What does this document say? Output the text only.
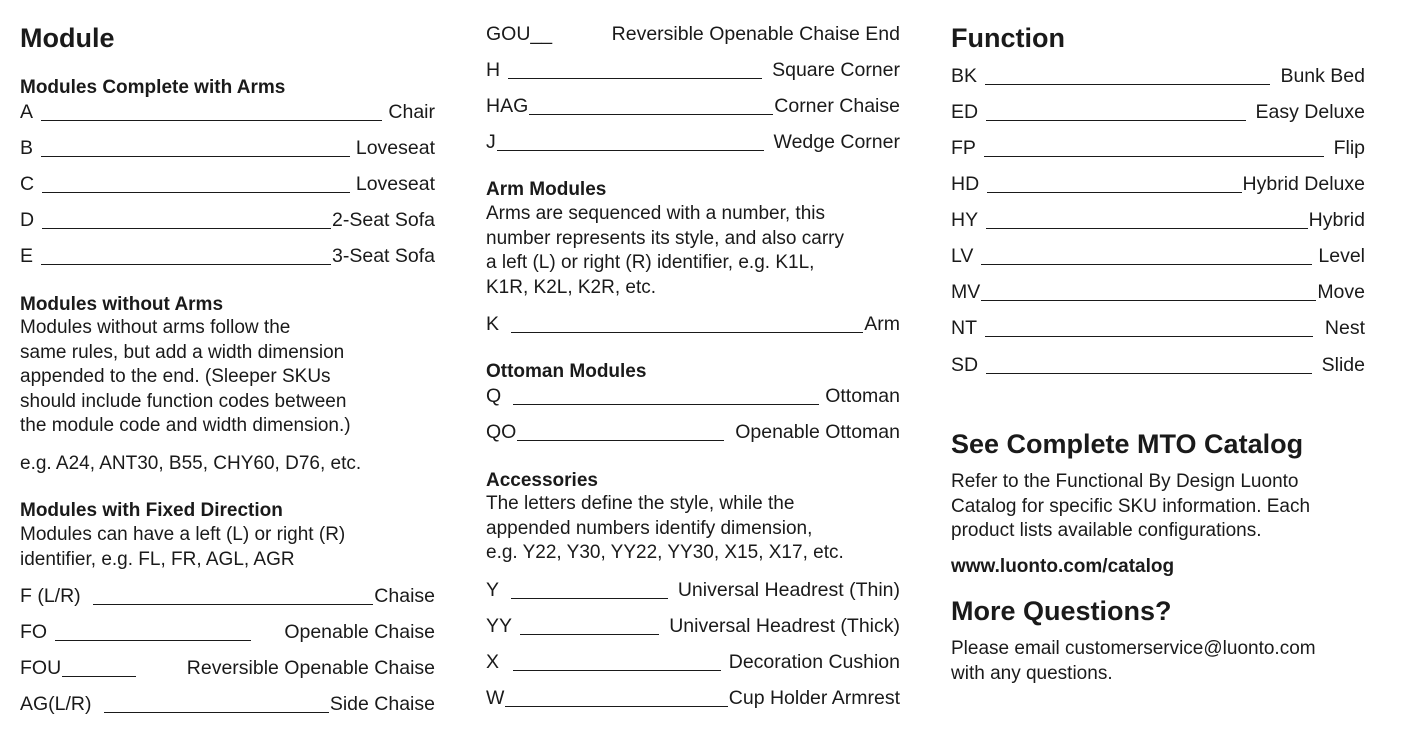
Module
Modules Complete with Arms
A	Chair
B	Loveseat
C	Loveseat
D	2-Seat Sofa
E	3-Seat Sofa
Modules without Arms
Modules without arms follow the
same rules, but add a width dimension
appended to the end. (Sleeper SKUs
should include function codes between
the module code and width dimension.)
e.g. A24, ANT30, B55, CHY60, D76, etc.
Modules with Fixed Direction
Modules can have a left (L) or right (R)
identifier, e.g. FL, FR, AGL, AGR
F (L/R)	Chaise
FO	Openable Chaise
FOU	Reversible Openable Chaise
AG(L/R)	Side Chaise
GOU__	Reversible Openable Chaise End
H	Square Corner
HAG	Corner Chaise
J	Wedge Corner
Arm Modules
Arms are sequenced with a number, this
number represents its style, and also carry
a left (L) or right (R) identifier, e.g. K1L,
K1R, K2L, K2R, etc.
K	Arm
Ottoman Modules
Q	Ottoman
QO	Openable Ottoman
Accessories
The letters define the style, while the
appended numbers identify dimension,
e.g. Y22, Y30, YY22, YY30, X15, X17, etc.
Y	Universal Headrest (Thin)
YY	Universal Headrest (Thick)
X	Decoration Cushion
W	Cup Holder Armrest
Function
BK	Bunk Bed
ED	Easy Deluxe
FP	Flip
HD	Hybrid Deluxe
HY	Hybrid
LV	Level
MV	Move
NT	Nest
SD	Slide
See Complete MTO Catalog
Refer to the Functional By Design Luonto
Catalog for specific SKU information. Each
product lists available configurations.
www.luonto.com/catalog
More Questions?
Please email customerservice@luonto.com
with any questions.
